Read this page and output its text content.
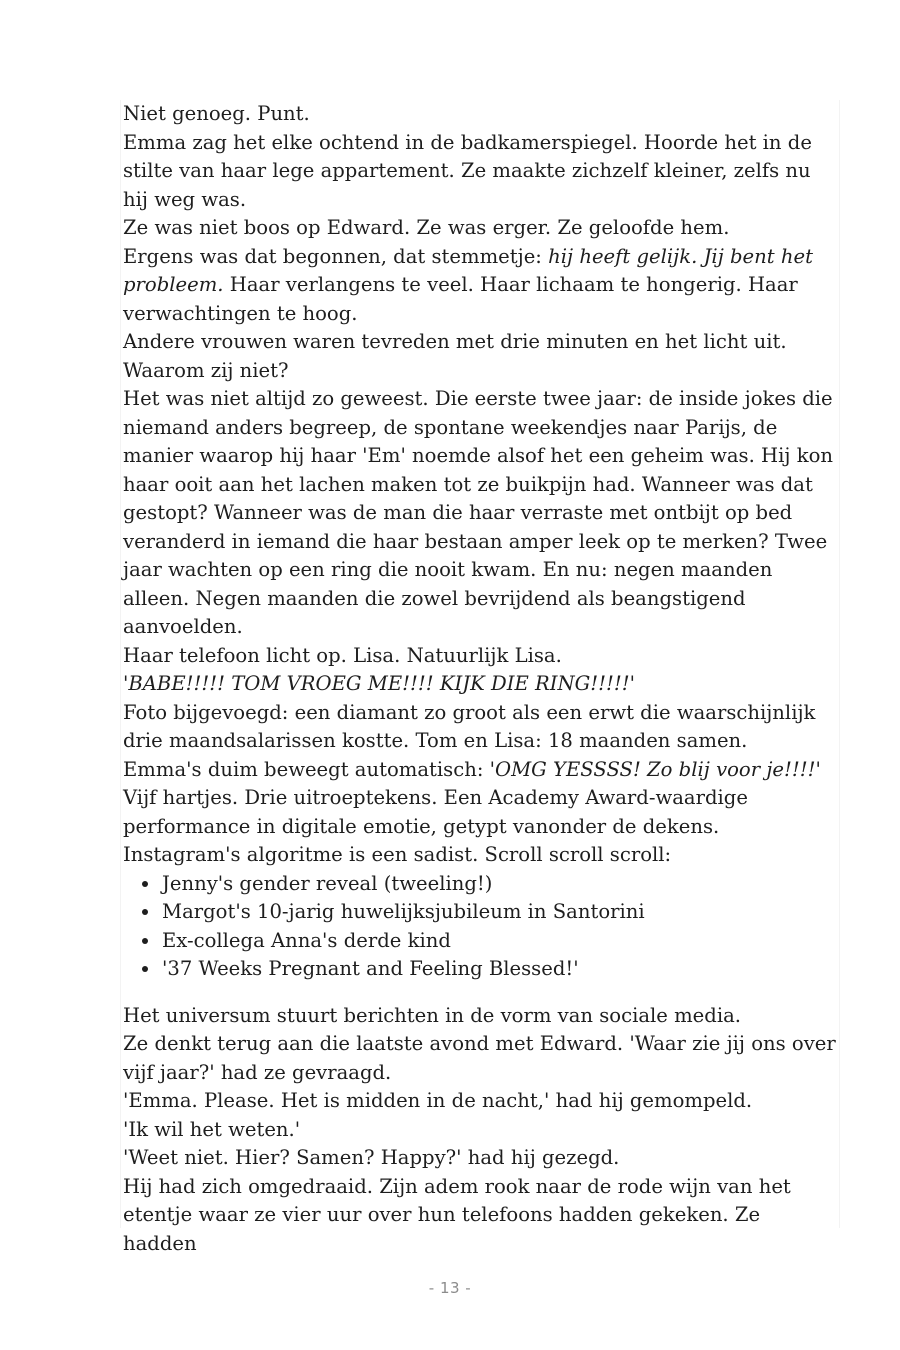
Niet genoeg. Punt.
Emma zag het elke ochtend in de badkamerspiegel. Hoorde het in de stilte van haar lege appartement. Ze maakte zichzelf kleiner, zelfs nu hij weg was.
Ze was niet boos op Edward. Ze was erger. Ze geloofde hem.
Ergens was dat begonnen, dat stemmetje: hij heeft gelijk. Jij bent het probleem. Haar verlangens te veel. Haar lichaam te hongerig. Haar verwachtingen te hoog.
Andere vrouwen waren tevreden met drie minuten en het licht uit. Waarom zij niet?
Het was niet altijd zo geweest. Die eerste twee jaar: de inside jokes die niemand anders begreep, de spontane weekendjes naar Parijs, de manier waarop hij haar 'Em' noemde alsof het een geheim was. Hij kon haar ooit aan het lachen maken tot ze buikpijn had. Wanneer was dat gestopt? Wanneer was de man die haar verraste met ontbijt op bed veranderd in iemand die haar bestaan amper leek op te merken? Twee jaar wachten op een ring die nooit kwam. En nu: negen maanden alleen. Negen maanden die zowel bevrijdend als beangstigend aanvoelden.
Haar telefoon licht op. Lisa. Natuurlijk Lisa.
'BABE!!!!! TOM VROEG ME!!!! KIJK DIE RING!!!!!'
Foto bijgevoegd: een diamant zo groot als een erwt die waarschijnlijk drie maandsalarissen kostte. Tom en Lisa: 18 maanden samen.
Emma's duim beweegt automatisch: 'OMG YESSSS! Zo blij voor je!!!!'
Vijf hartjes. Drie uitroeptekens. Een Academy Award-waardige performance in digitale emotie, getypt vanonder de dekens.
Instagram's algoritme is een sadist. Scroll scroll scroll:
• Jenny's gender reveal (tweeling!)
• Margot's 10-jarig huwelijksjubileum in Santorini
• Ex-collega Anna's derde kind
• '37 Weeks Pregnant and Feeling Blessed!'
Het universum stuurt berichten in de vorm van sociale media.
Ze denkt terug aan die laatste avond met Edward. 'Waar zie jij ons over vijf jaar?' had ze gevraagd.
'Emma. Please. Het is midden in de nacht,' had hij gemompeld.
'Ik wil het weten.'
'Weet niet. Hier? Samen? Happy?' had hij gezegd.
Hij had zich omgedraaid. Zijn adem rook naar de rode wijn van het etentje waar ze vier uur over hun telefoons hadden gekeken. Ze hadden
- 13 -
